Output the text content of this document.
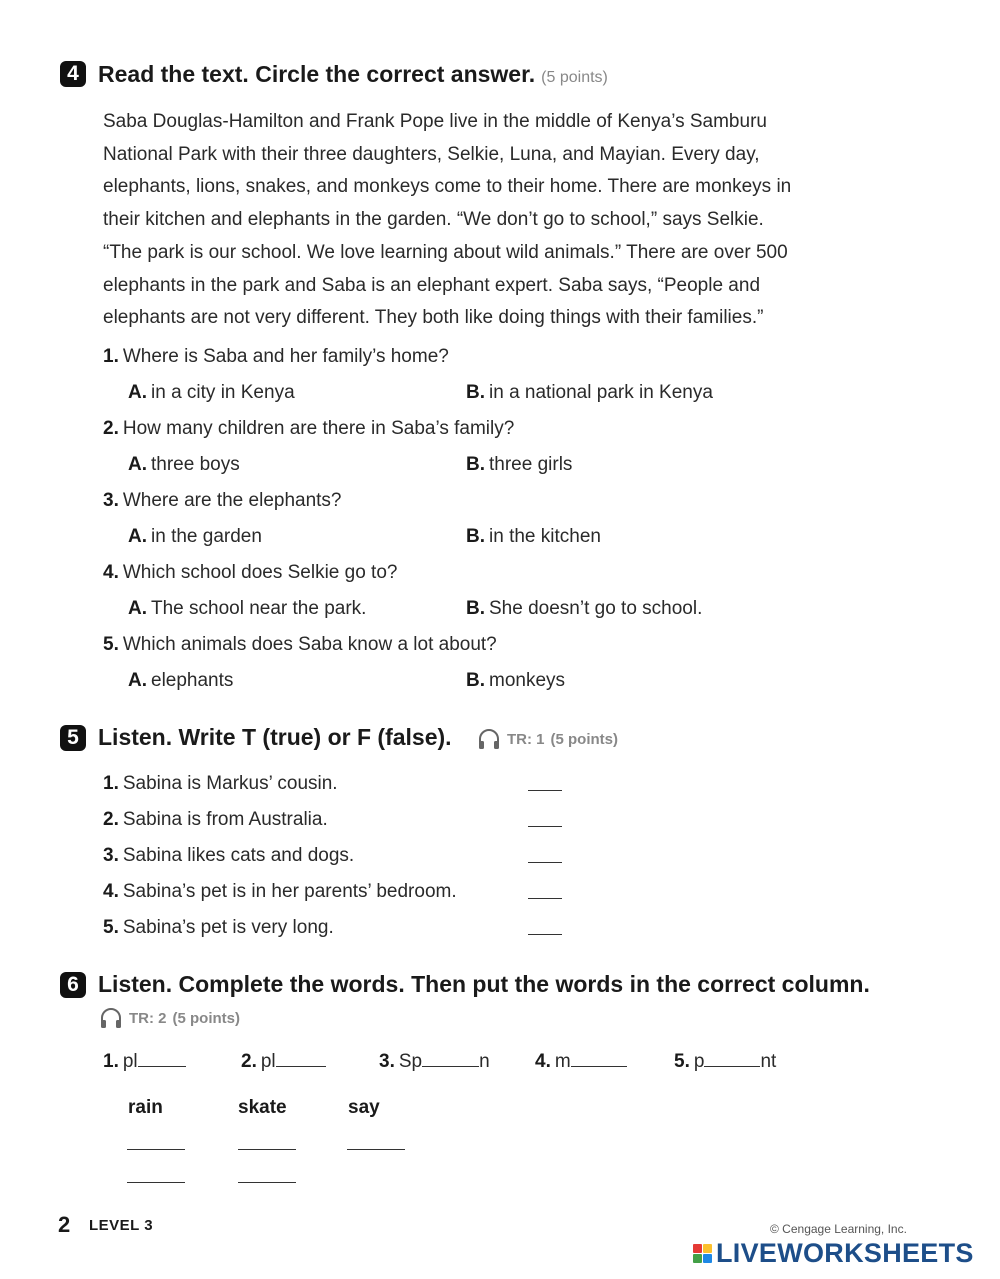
4 Read the text. Circle the correct answer. (5 points)
Saba Douglas-Hamilton and Frank Pope live in the middle of Kenya’s Samburu
National Park with their three daughters, Selkie, Luna, and Mayian. Every day,
elephants, lions, snakes, and monkeys come to their home. There are monkeys in
their kitchen and elephants in the garden. “We don’t go to school,” says Selkie.
“The park is our school. We love learning about wild animals.” There are over 500
elephants in the park and Saba is an elephant expert. Saba says, “People and
elephants are not very different. They both like doing things with their families.”
1. Where is Saba and her family’s home?
A. in a city in Kenya	B. in a national park in Kenya
2. How many children are there in Saba’s family?
A. three boys	B. three girls
3. Where are the elephants?
A. in the garden	B. in the kitchen
4. Which school does Selkie go to?
A. The school near the park.	B. She doesn’t go to school.
5. Which animals does Saba know a lot about?
A. elephants	B. monkeys
5 Listen. Write T (true) or F (false).	TR: 1 (5 points)
1. Sabina is Markus’ cousin.
2. Sabina is from Australia.
3. Sabina likes cats and dogs.
4. Sabina’s pet is in her parents’ bedroom.
5. Sabina’s pet is very long.
6 Listen. Complete the words. Then put the words in the correct column.
TR: 2 (5 points)
1. pl	2. pl	3. Sp	n 4. m	5. p	nt
rain	skate	say
2 LEVEL 3	© Cengage Learning, Inc.
LIVEWORKSHEETS
